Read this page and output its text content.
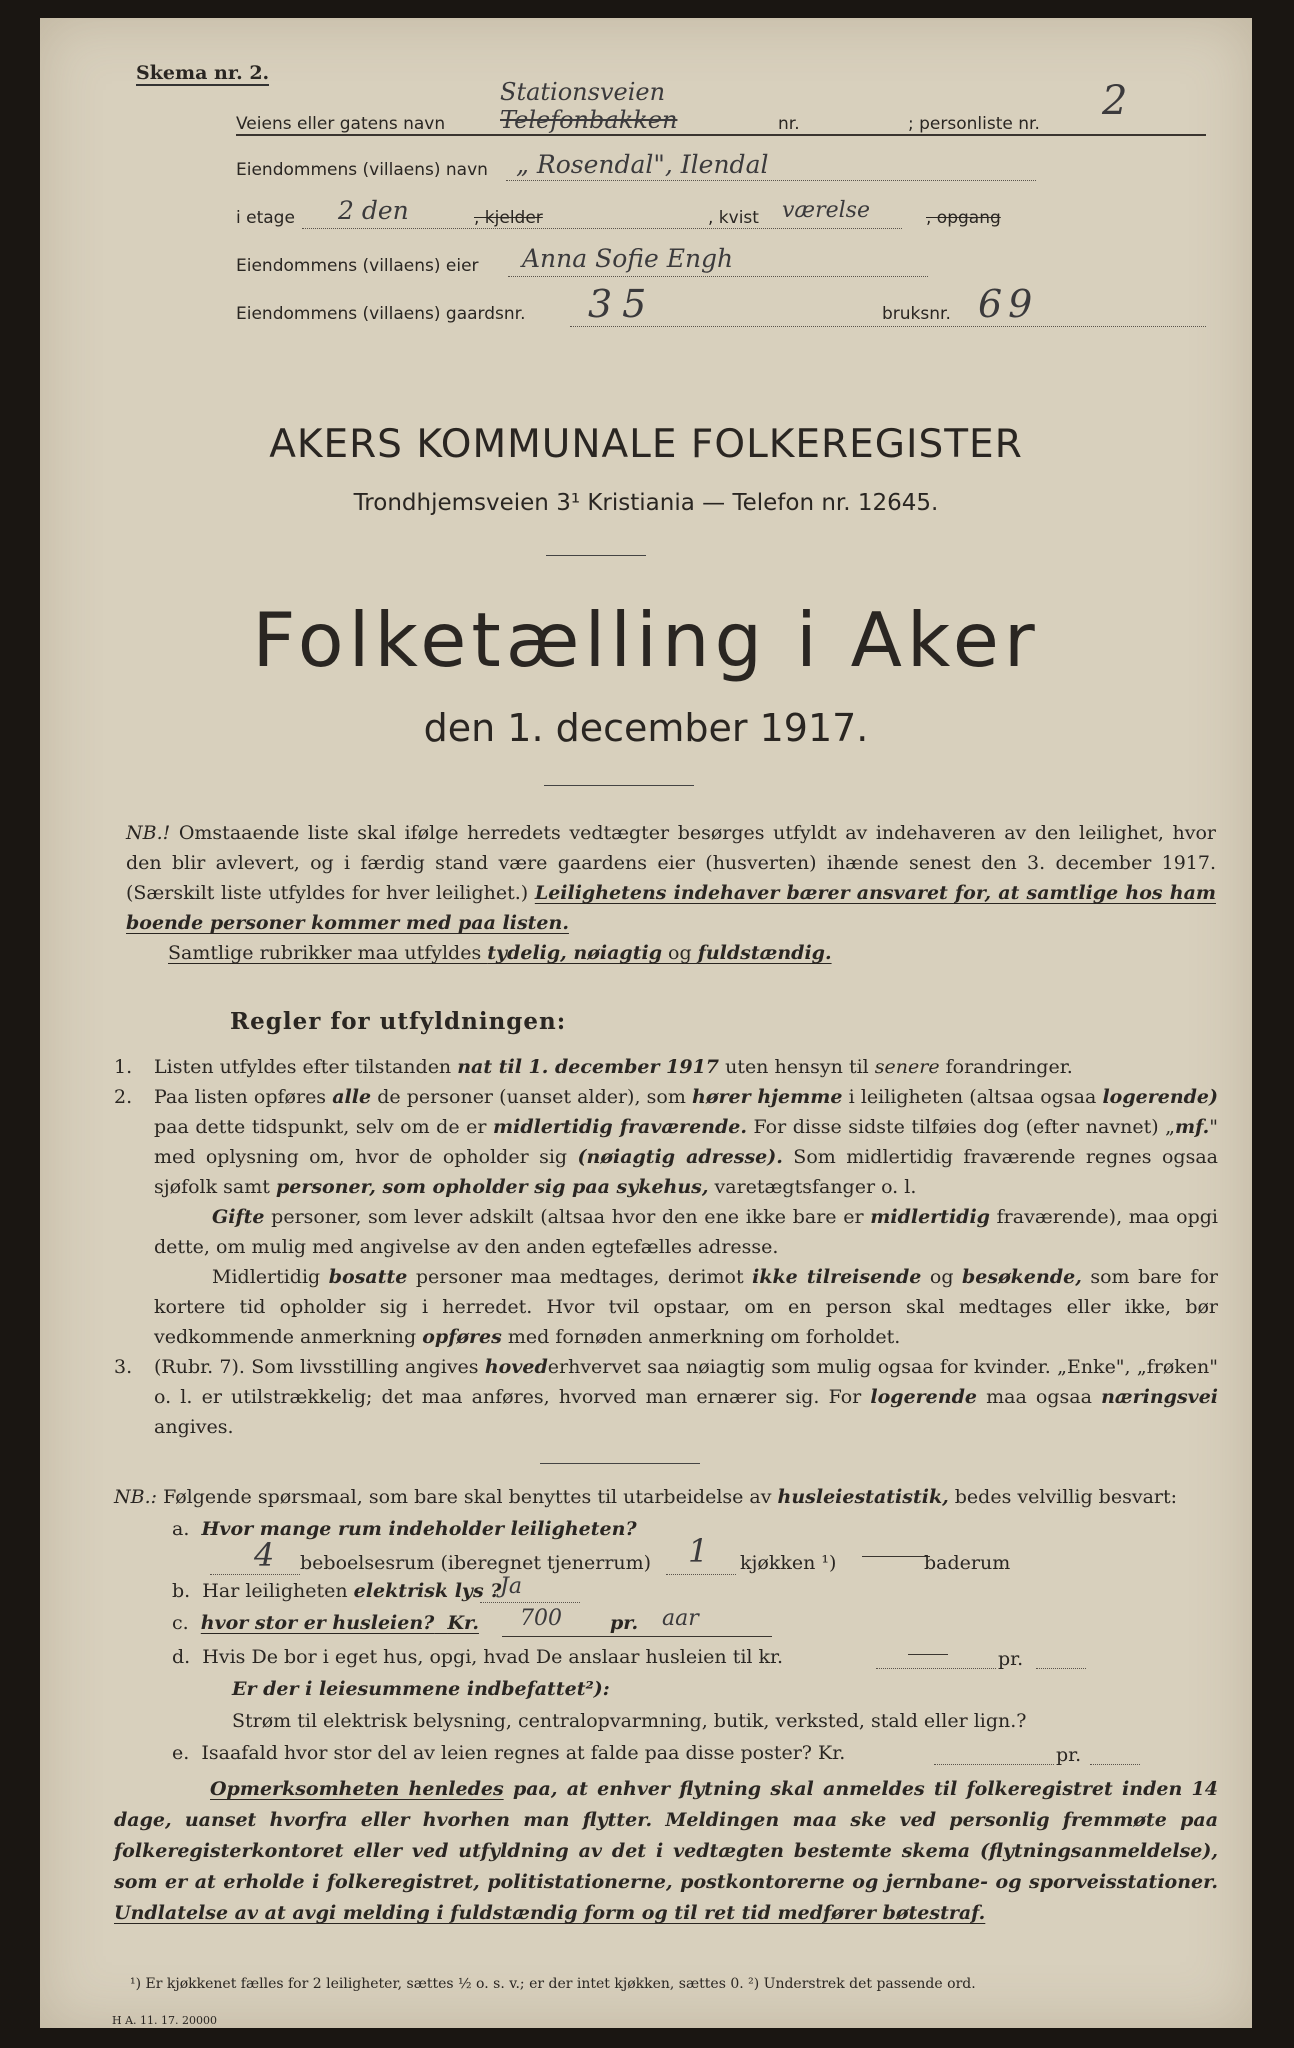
Skema nr. 2.
Veiens eller gatens navn
Stationsveien
Telefonbakken	nr.	; personliste nr. 2
Eiendommens (villaens) navn „ Rosendal", Ilendal
i etage 2 den	, kjelder	, kvist værelse	, opgang
Eiendommens (villaens) eier Anna Sofie Engh
Eiendommens (villaens) gaardsnr. 35	bruksnr. 69
AKERS KOMMUNALE FOLKEREGISTER
Trondhjemsveien 3¹ Kristiania — Telefon nr. 12645.
Folketælling i Aker
den 1. december 1917.

NB.! Omstaaende liste skal ifølge herredets vedtægter besørges utfyldt av indehaveren av den leilighet, hvor den blir avlevert, og i færdig stand være gaardens eier (husverten) ihænde senest den 3. december 1917. (Særskilt liste utfyldes for hver leilighet.) Leilighetens indehaver bærer ansvaret for, at samtlige hos ham boende personer kommer med paa listen.

Samtlige rubrikker maa utfyldes tydelig, nøiagtig og fuldstændig.

Regler for utfyldningen:

1. Listen utfyldes efter tilstanden nat til 1. december 1917 uten hensyn til senere forandringer.

2. Paa listen opføres alle de personer (uanset alder), som hører hjemme i leiligheten (altsaa ogsaa logerende) paa dette tidspunkt, selv om de er midlertidig fraværende. For disse sidste tilføies dog (efter navnet) „mf." med oplysning om, hvor de opholder sig (nøiagtig adresse). Som midlertidig fraværende regnes ogsaa sjøfolk samt personer, som opholder sig paa sykehus, varetægtsfanger o. l.

Gifte personer, som lever adskilt (altsaa hvor den ene ikke bare er midlertidig fraværende), maa opgi dette, om mulig med angivelse av den anden egtefælles adresse.

Midlertidig bosatte personer maa medtages, derimot ikke tilreisende og besøkende, som bare for kortere tid opholder sig i herredet. Hvor tvil opstaar, om en person skal medtages eller ikke, bør vedkommende anmerkning opføres med fornøden anmerkning om forholdet.

3. (Rubr. 7). Som livsstilling angives hovederhvervet saa nøiagtig som mulig ogsaa for kvinder. „Enke", „frøken" o. l. er utilstrækkelig; det maa anføres, hvorved man ernærer sig. For logerende maa ogsaa næringsvei angives.

NB.: Følgende spørsmaal, som bare skal benyttes til utarbeidelse av husleiestatistik, bedes velvillig besvart:
a. Hvor mange rum indeholder leiligheten?
4 beboelsesrum (iberegnet tjenerrum) 1 kjøkken ¹)	baderum
b. Har leiligheten elektrisk lys ?
Ja
c. hvor stor er husleien? Kr. 700	pr. aar
d. Hvis De bor i eget hus, opgi, hvad De anslaar husleien til kr.	pr.
Er der i leiesummene indbefattet²):
Strøm til elektrisk belysning, centralopvarmning, butik, verksted, stald eller lign.?
e. Isaafald hvor stor del av leien regnes at falde paa disse poster? Kr.	pr.
Opmerksomheten henledes paa, at enhver flytning skal anmeldes til folkeregistret inden 14 dage, uanset hvorfra eller hvorhen man flytter. Meldingen maa ske ved personlig fremmøte paa folkeregisterkontoret eller ved utfyldning av det i vedtægten bestemte skema (flytningsanmeldelse), som er at erholde i folkeregistret, politistationerne, postkontorerne og jernbane- og sporveisstationer. Undlatelse av at avgi melding i fuldstændig form og til ret tid medfører bøtestraf.
¹) Er kjøkkenet fælles for 2 leiligheter, sættes ½ o. s. v.; er der intet kjøkken, sættes 0. ²) Understrek det passende ord.
H A. 11. 17. 20000
